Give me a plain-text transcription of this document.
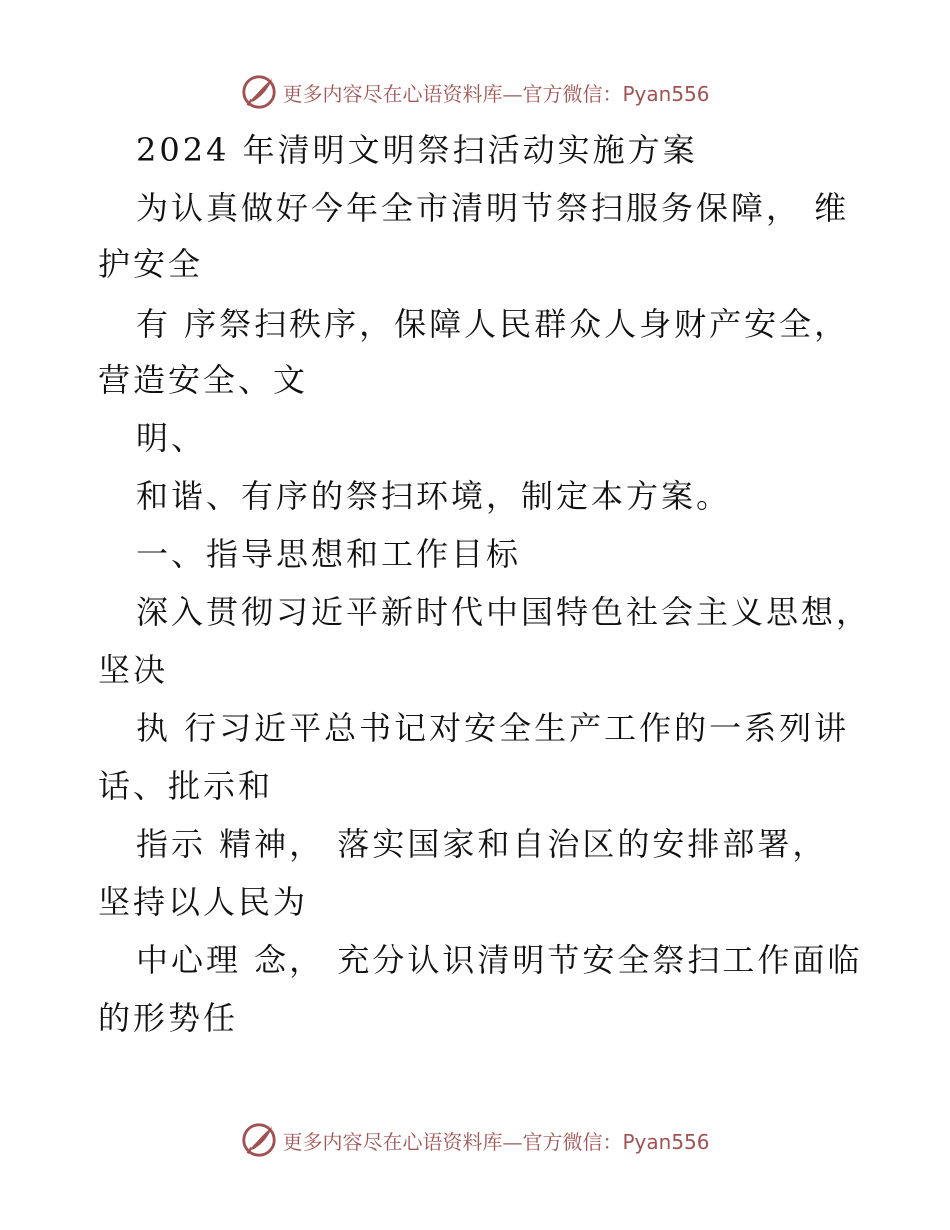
更多内容尽在心语资料库—官方微信：Pyan556
2024 年清明文明祭扫活动实施方案
为认真做好今年全市清明节祭扫服务保障， 维
护安全
有 序祭扫秩序，保障人民群众人身财产安全，
营造安全、文
明、
和谐、有序的祭扫环境，制定本方案。
一、指导思想和工作目标
深入贯彻习近平新时代中国特色社会主义思想，
坚决
执 行习近平总书记对安全生产工作的一系列讲
话、批示和
指示 精神， 落实国家和自治区的安排部署，
坚持以人民为
中心理 念， 充分认识清明节安全祭扫工作面临
的形势任
更多内容尽在心语资料库—官方微信：Pyan556
